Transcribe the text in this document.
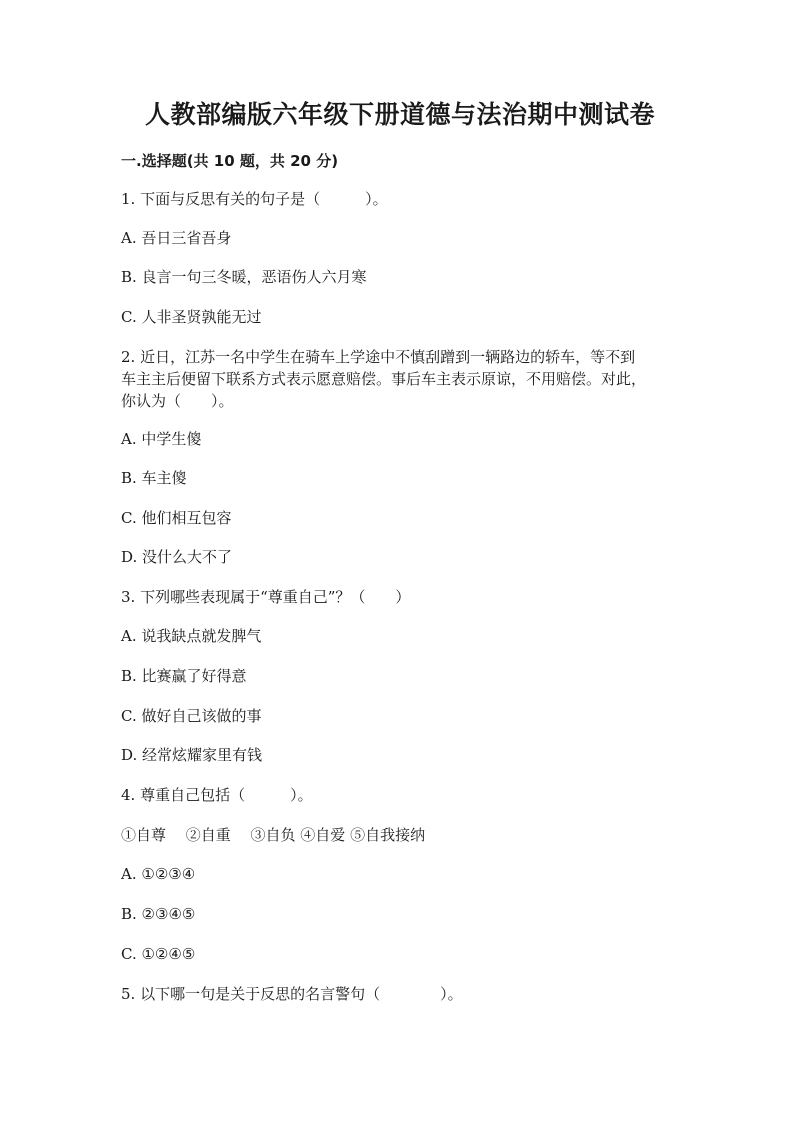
人教部编版六年级下册道德与法治期中测试卷
一.选择题(共 10 题，共 20 分)
1. 下面与反思有关的句子是（　　　）。
A. 吾日三省吾身
B. 良言一句三冬暖，恶语伤人六月寒
C. 人非圣贤孰能无过
2. 近日，江苏一名中学生在骑车上学途中不慎刮蹭到一辆路边的轿车，等不到
车主主后便留下联系方式表示愿意赔偿。事后车主表示原谅，不用赔偿。对此，
你认为（　　）。
A. 中学生傻
B. 车主傻
C. 他们相互包容
D. 没什么大不了
3. 下列哪些表现属于“尊重自己”？（　　）
A. 说我缺点就发脾气
B. 比赛赢了好得意
C. 做好自己该做的事
D. 经常炫耀家里有钱
4. 尊重自己包括（　　　）。
①自尊　 ②自重　 ③自负 ④自爱 ⑤自我接纳
A. ①②③④
B. ②③④⑤
C. ①②④⑤
5. 以下哪一句是关于反思的名言警句（　　　　）。
